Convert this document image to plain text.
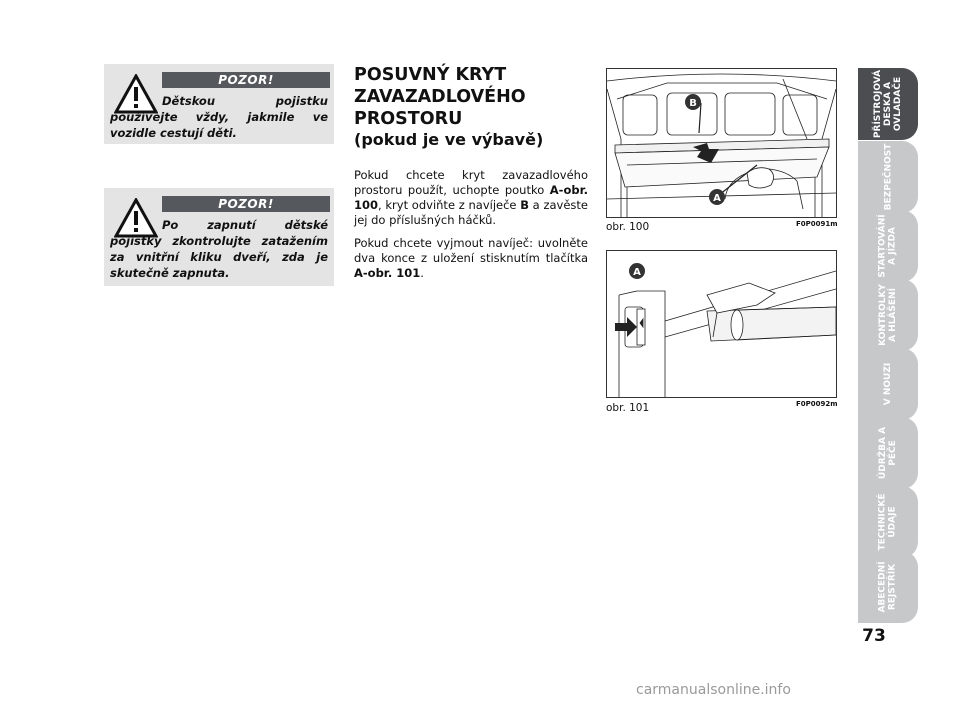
POZOR!
Dětskou pojistku používejte vždy, jakmile ve vozidle cestují děti.
POZOR!
Po zapnutí dětské pojistky zkontrolujte zatažením za vnitřní kliku dveří, zda je skutečně zapnuta.
POSUVNÝ KRYT ZAVAZADLOVÉHO PROSTORU
(pokud je ve výbavě)

Pokud chcete kryt zavazadlového prostoru použít, uchopte poutko A-obr. 100, kryt odviňte z navíječe B a zavěste jej do příslušných háčků.

Pokud chcete vyjmout navíječ: uvolněte dva konce z uložení stisknutím tlačítka A-obr. 101.

B
A
obr. 100	F0P0091m
A
obr. 101	F0P0092m
PŘÍSTROJOVÁ
DESKA A
OVLADAČE
BEZPEČNOST
STARTOVÁNÍ
A JÍZDA
KONTROLKY
A HLÁŠENÍ
V NOUZI
ÚDRŽBA A
PÉČE
TECHNICKÉ
ÚDAJE
ABECEDNÍ
REJSTŘÍK
73
carmanualsonline.info
